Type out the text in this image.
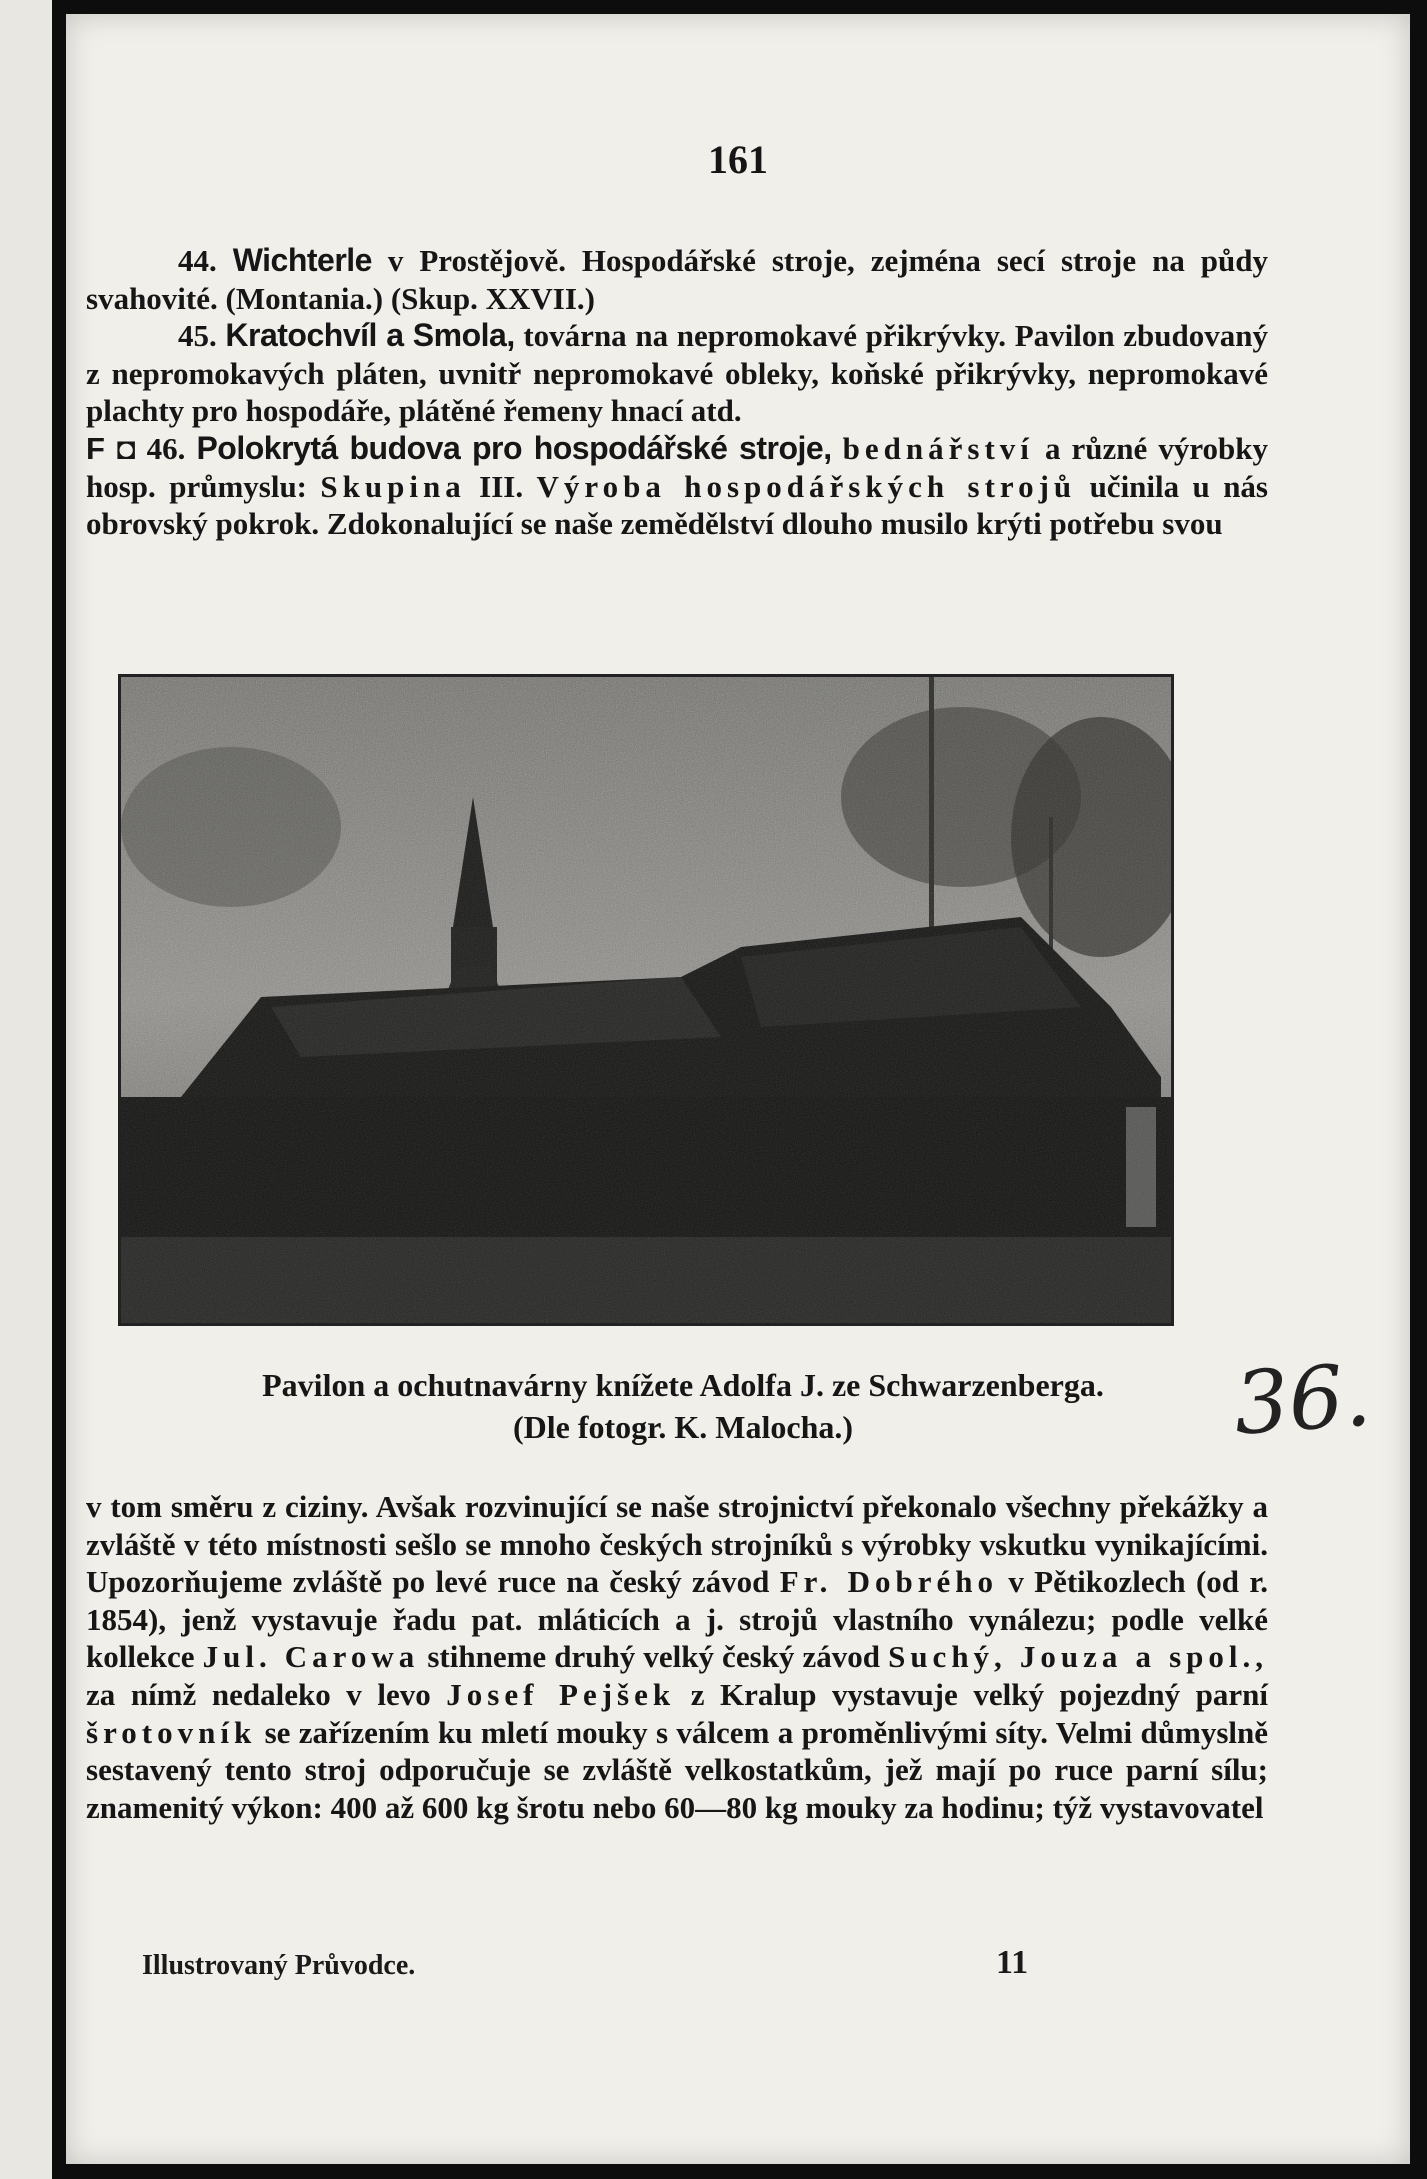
161

44. Wichterle v Prostějově. Hospodářské stroje, zejména secí stroje na půdy svahovité. (Montania.) (Skup. XXVII.)

45. Kratochvíl a Smola, továrna na nepromokavé přikrývky. Pavilon zbudovaný z nepromokavých pláten, uvnitř nepromokavé obleky, koňské přikrývky, nepromokavé plachty pro hospodáře, plátěné řemeny hnací atd.

F ◘ 46. Polokrytá budova pro hospodářské stroje, bednářství a různé výrobky hosp. průmyslu: Skupina III. Výroba hospodářských strojů učinila u nás obrovský pokrok. Zdokonalující se naše zemědělství dlouho musilo krýti potřebu svou

Pavilon a ochutnavárny knížete Adolfa J. ze Schwarzenberga.
(Dle fotogr. K. Malocha.)	36.

v tom směru z ciziny. Avšak rozvinující se naše strojnictví překonalo všechny překážky a zvláště v této místnosti sešlo se mnoho českých strojníků s výrobky vskutku vynikajícími. Upozorňujeme zvláště po levé ruce na český závod Fr. Dobrého v Pětikozlech (od r. 1854), jenž vystavuje řadu pat. mláticích a j. strojů vlastního vynálezu; podle velké kollekce Jul. Carowa stihneme druhý velký český závod Suchý, Jouza a spol., za nímž nedaleko v levo Josef Pejšek z Kralup vystavuje velký pojezdný parní šrotovník se zařízením ku mletí mouky s válcem a proměnlivými síty. Velmi důmyslně sestavený tento stroj odporučuje se zvláště velkostatkům, jež mají po ruce parní sílu; znamenitý výkon: 400 až 600 kg šrotu nebo 60—80 kg mouky za hodinu; týž vystavovatel

Illustrovaný Průvodce.	11
